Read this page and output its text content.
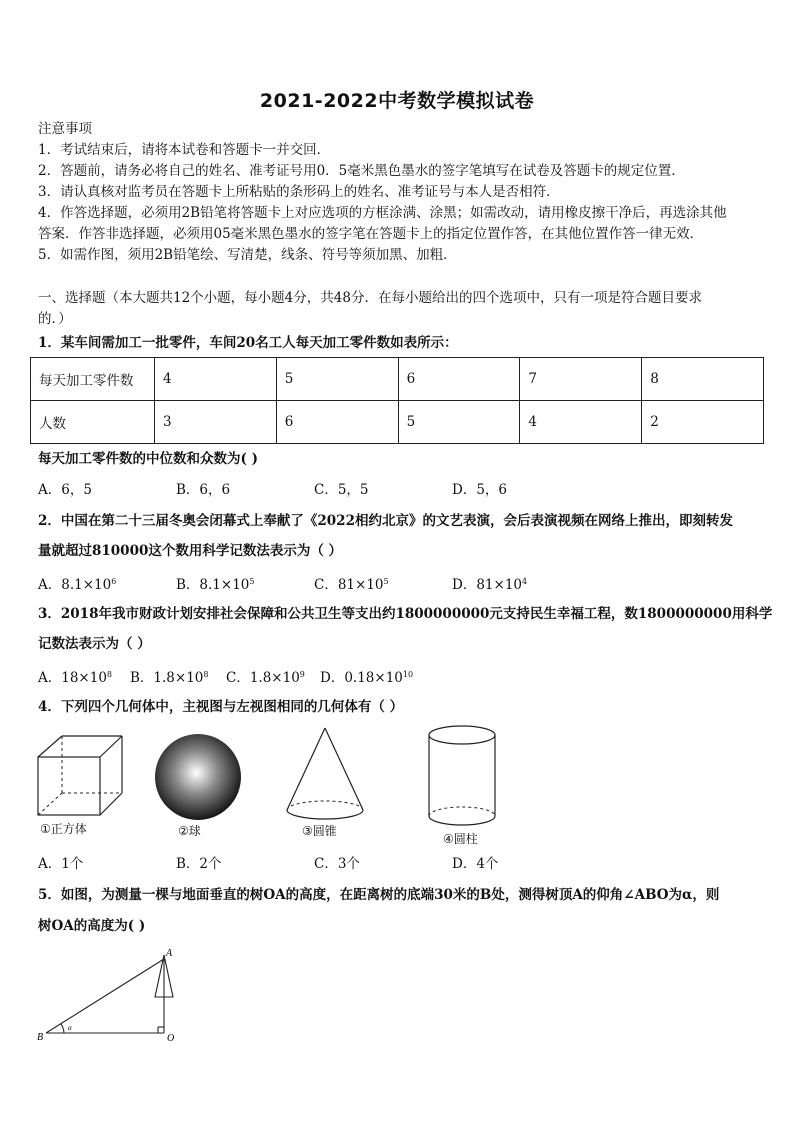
2021-2022中考数学模拟试卷
注意事项
1．考试结束后，请将本试卷和答题卡一并交回．
2．答题前，请务必将自己的姓名、准考证号用0．5毫米黑色墨水的签字笔填写在试卷及答题卡的规定位置．
3．请认真核对监考员在答题卡上所粘贴的条形码上的姓名、准考证号与本人是否相符．
4．作答选择题，必须用2B铅笔将答题卡上对应选项的方框涂满、涂黑；如需改动，请用橡皮擦干净后，再选涂其他
答案．作答非选择题，必须用05毫米黑色墨水的签字笔在答题卡上的指定位置作答，在其他位置作答一律无效．
5．如需作图，须用2B铅笔绘、写清楚，线条、符号等须加黑、加粗．
一、选择题（本大题共12个小题，每小题4分，共48分．在每小题给出的四个选项中，只有一项是符合题目要求
的．）
1．某车间需加工一批零件，车间20名工人每天加工零件数如表所示：
每天加工零件数	4	5	6	7	8
人数	3	6	5	4	2
每天加工零件数的中位数和众数为( )
A．6，5	B．6，6	C．5，5	D．5，6
2．中国在第二十三届冬奥会闭幕式上奉献了《2022相约北京》的文艺表演，会后表演视频在网络上推出，即刻转发
量就超过810000这个数用科学记数法表示为（ ）
A．$8.1\times 10^6$	B．$8.1\times 10^5$	C．$81\times 10^5$	D．$81\times 10^4$
3．2018年我市财政计划安排社会保障和公共卫生等支出约1800000000元支持民生幸福工程，数1800000000用科学
记数法表示为（ ）
A．$18\times 10^8$ B．$1.8\times 10^8$ C．$1.8\times 10^9$ D．$0.18\times 10^{10}$
4．下列四个几何体中，主视图与左视图相同的几何体有（ ）
①正方体	②球	③圆锥
④圆柱
A．1个	B．2个	C．3个	D．4个
5．如图，为测量一棵与地面垂直的树OA的高度，在距离树的底端30米的B处，测得树顶A的仰角∠ABO为α，则
树OA的高度为( )
A
B	O
α
